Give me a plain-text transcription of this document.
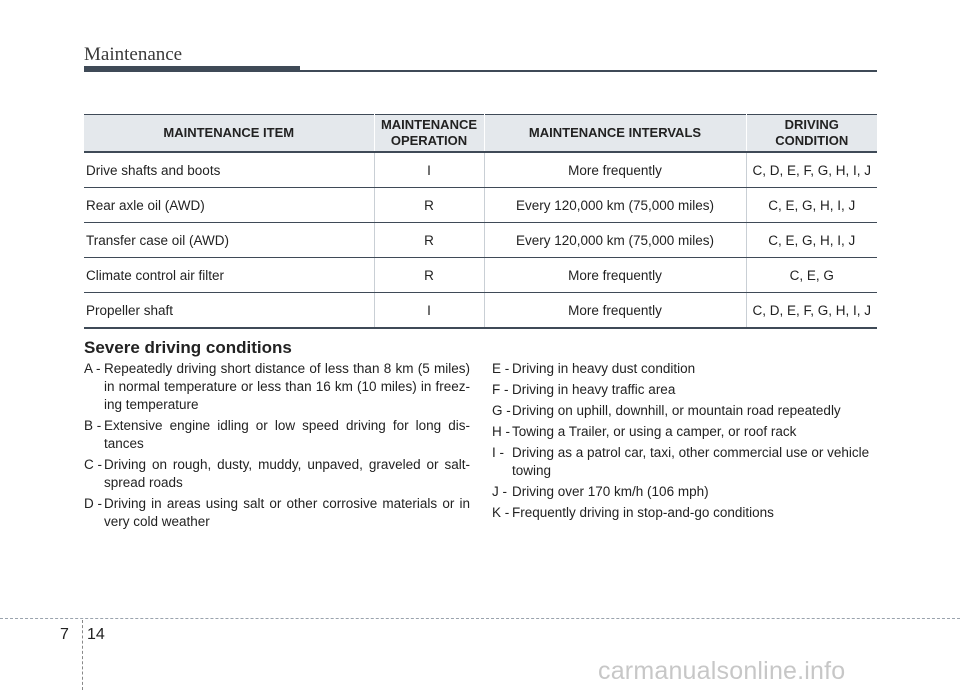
Maintenance
MAINTENANCE ITEM	MAINTENANCE OPERATION	MAINTENANCE INTERVALS	DRIVING CONDITION
Drive shafts and boots	I	More frequently	C, D, E, F, G, H, I, J
Rear axle oil (AWD)	R	Every 120,000 km (75,000 miles)	C, E, G, H, I, J
Transfer case oil (AWD)	R	Every 120,000 km (75,000 miles)	C, E, G, H, I, J
Climate control air filter	R	More frequently	C, E, G
Propeller shaft	I	More frequently	C, D, E, F, G, H, I, J
Severe driving conditions
A - Repeatedly driving short distance of less than 8 km (5 miles) in normal temperature or less than 16 km (10 miles) in freez-ing temperature
B - Extensive engine idling or low speed driving for long dis-tances
C - Driving on rough, dusty, muddy, unpaved, graveled or salt-spread roads
D - Driving in areas using salt or other corrosive materials or in very cold weather
E - Driving in heavy dust condition
F - Driving in heavy traffic area
G - Driving on uphill, downhill, or mountain road repeatedly
H - Towing a Trailer, or using a camper, or roof rack
I - Driving as a patrol car, taxi, other commercial use or vehicle towing
J - Driving over 170 km/h (106 mph)
K - Frequently driving in stop-and-go conditions
7 14
carmanualsonline.info
